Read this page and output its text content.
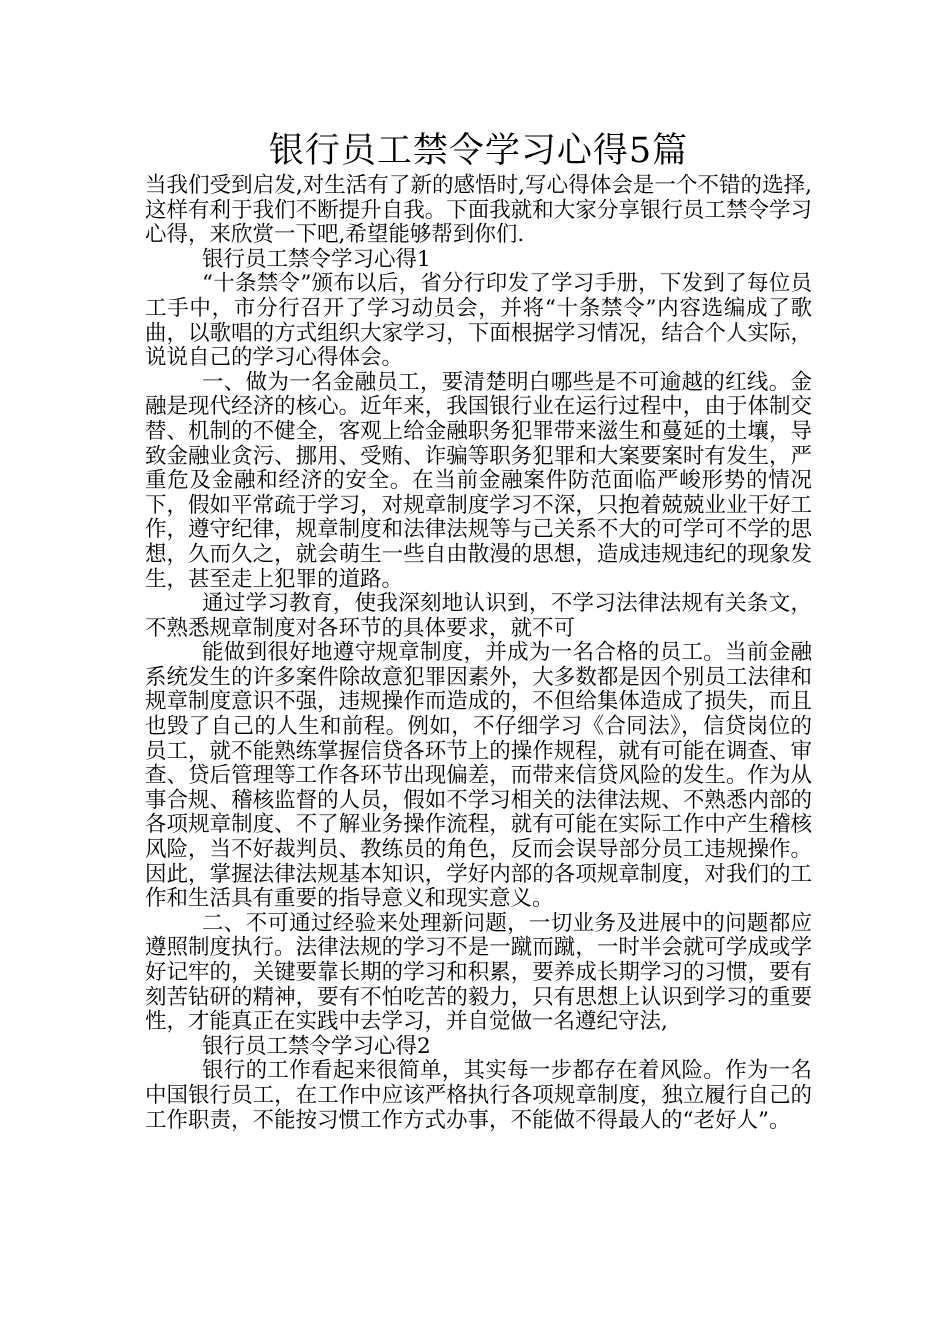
银行员工禁令学习心得5篇

当我们受到启发,对生活有了新的感悟时,写心得体会是一个不错的选择,这样有利于我们不断提升自我。下面我就和大家分享银行员工禁令学习心得，来欣赏一下吧,希望能够帮到你们.

银行员工禁令学习心得1

“十条禁令”颁布以后，省分行印发了学习手册，下发到了每位员工手中，市分行召开了学习动员会，并将“十条禁令”内容选编成了歌曲，以歌唱的方式组织大家学习，下面根据学习情况，结合个人实际，说说自己的学习心得体会。

一、做为一名金融员工，要清楚明白哪些是不可逾越的红线。金融是现代经济的核心。近年来，我国银行业在运行过程中，由于体制交替、机制的不健全，客观上给金融职务犯罪带来滋生和蔓延的土壤，导致金融业贪污、挪用、受贿、诈骗等职务犯罪和大案要案时有发生，严重危及金融和经济的安全。在当前金融案件防范面临严峻形势的情况下，假如平常疏于学习，对规章制度学习不深，只抱着兢兢业业干好工作，遵守纪律，规章制度和法律法规等与己关系不大的可学可不学的思想，久而久之，就会萌生一些自由散漫的思想，造成违规违纪的现象发生，甚至走上犯罪的道路。

通过学习教育，使我深刻地认识到，不学习法律法规有关条文，不熟悉规章制度对各环节的具体要求，就不可

能做到很好地遵守规章制度，并成为一名合格的员工。当前金融系统发生的许多案件除故意犯罪因素外，大多数都是因个别员工法律和规章制度意识不强，违规操作而造成的，不但给集体造成了损失，而且也毁了自己的人生和前程。例如，不仔细学习《合同法》，信贷岗位的员工，就不能熟练掌握信贷各环节上的操作规程，就有可能在调查、审查、贷后管理等工作各环节出现偏差，而带来信贷风险的发生。作为从事合规、稽核监督的人员，假如不学习相关的法律法规、不熟悉内部的各项规章制度、不了解业务操作流程，就有可能在实际工作中产生稽核风险，当不好裁判员、教练员的角色，反而会误导部分员工违规操作。因此，掌握法律法规基本知识，学好内部的各项规章制度，对我们的工作和生活具有重要的指导意义和现实意义。

二、不可通过经验来处理新问题，一切业务及进展中的问题都应遵照制度执行。法律法规的学习不是一蹴而蹴，一时半会就可学成或学好记牢的，关键要靠长期的学习和积累，要养成长期学习的习惯，要有刻苦钻研的精神，要有不怕吃苦的毅力，只有思想上认识到学习的重要性，才能真正在实践中去学习，并自觉做一名遵纪守法,

银行员工禁令学习心得2

银行的工作看起来很简单，其实每一步都存在着风险。作为一名中国银行员工，在工作中应该严格执行各项规章制度，独立履行自己的工作职责，不能按习惯工作方式办事，不能做不得最人的“老好人”。
